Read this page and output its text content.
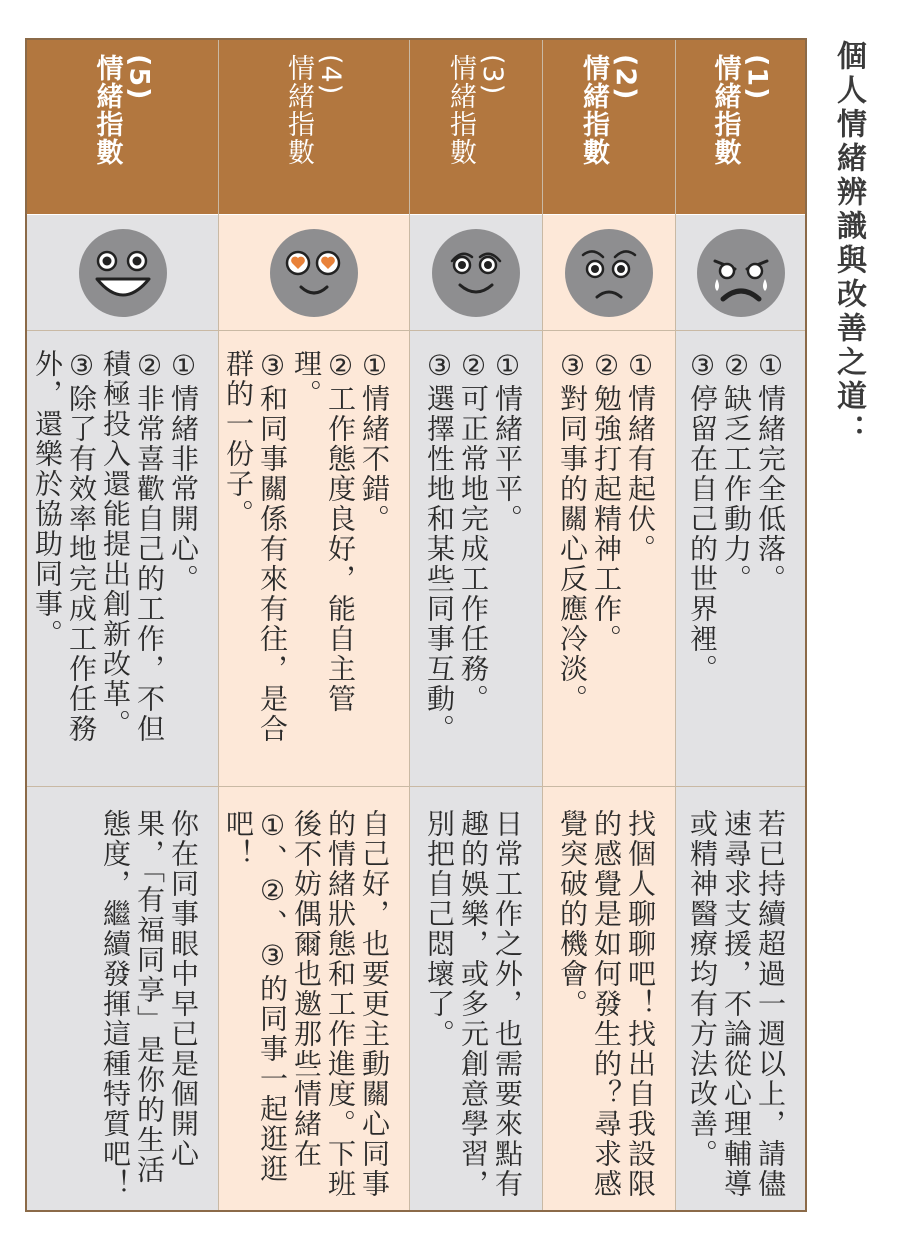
個人情緒辨識與改善之道：
(5)
情緒指數
①情緒非常開心。
②非常喜歡自己的工作，不但積極投入還能提出創新改革。
③除了有效率地完成工作任務外，還樂於協助同事。
你在同事眼中早已是個開心果，「有福同享」是你的生活態度，繼續發揮這種特質吧！
(4)
情緒指數
①情緒不錯。
②工作態度良好，能自主管理。
③和同事關係有來有往，是合群的一份子。
自己好，也要更主動關心同事的情緒狀態和工作進度。下班後不妨偶爾也邀那些情緒在①、②、③的同事一起逛逛吧！
(3)
情緒指數
①情緒平平。
②可正常地完成工作任務。
③選擇性地和某些同事互動。
日常工作之外，也需要來點有趣的娛樂，或多元創意學習，別把自己悶壞了。
(2)
情緒指數
①情緒有起伏。
②勉強打起精神工作。
③對同事的關心反應冷淡。
找個人聊聊吧！找出自我設限的感覺是如何發生的？尋求感覺突破的機會。
(1)
情緒指數
①情緒完全低落。
②缺乏工作動力。
③停留在自己的世界裡。
若已持續超過一週以上，請儘速尋求支援，不論從心理輔導或精神醫療均有方法改善。
